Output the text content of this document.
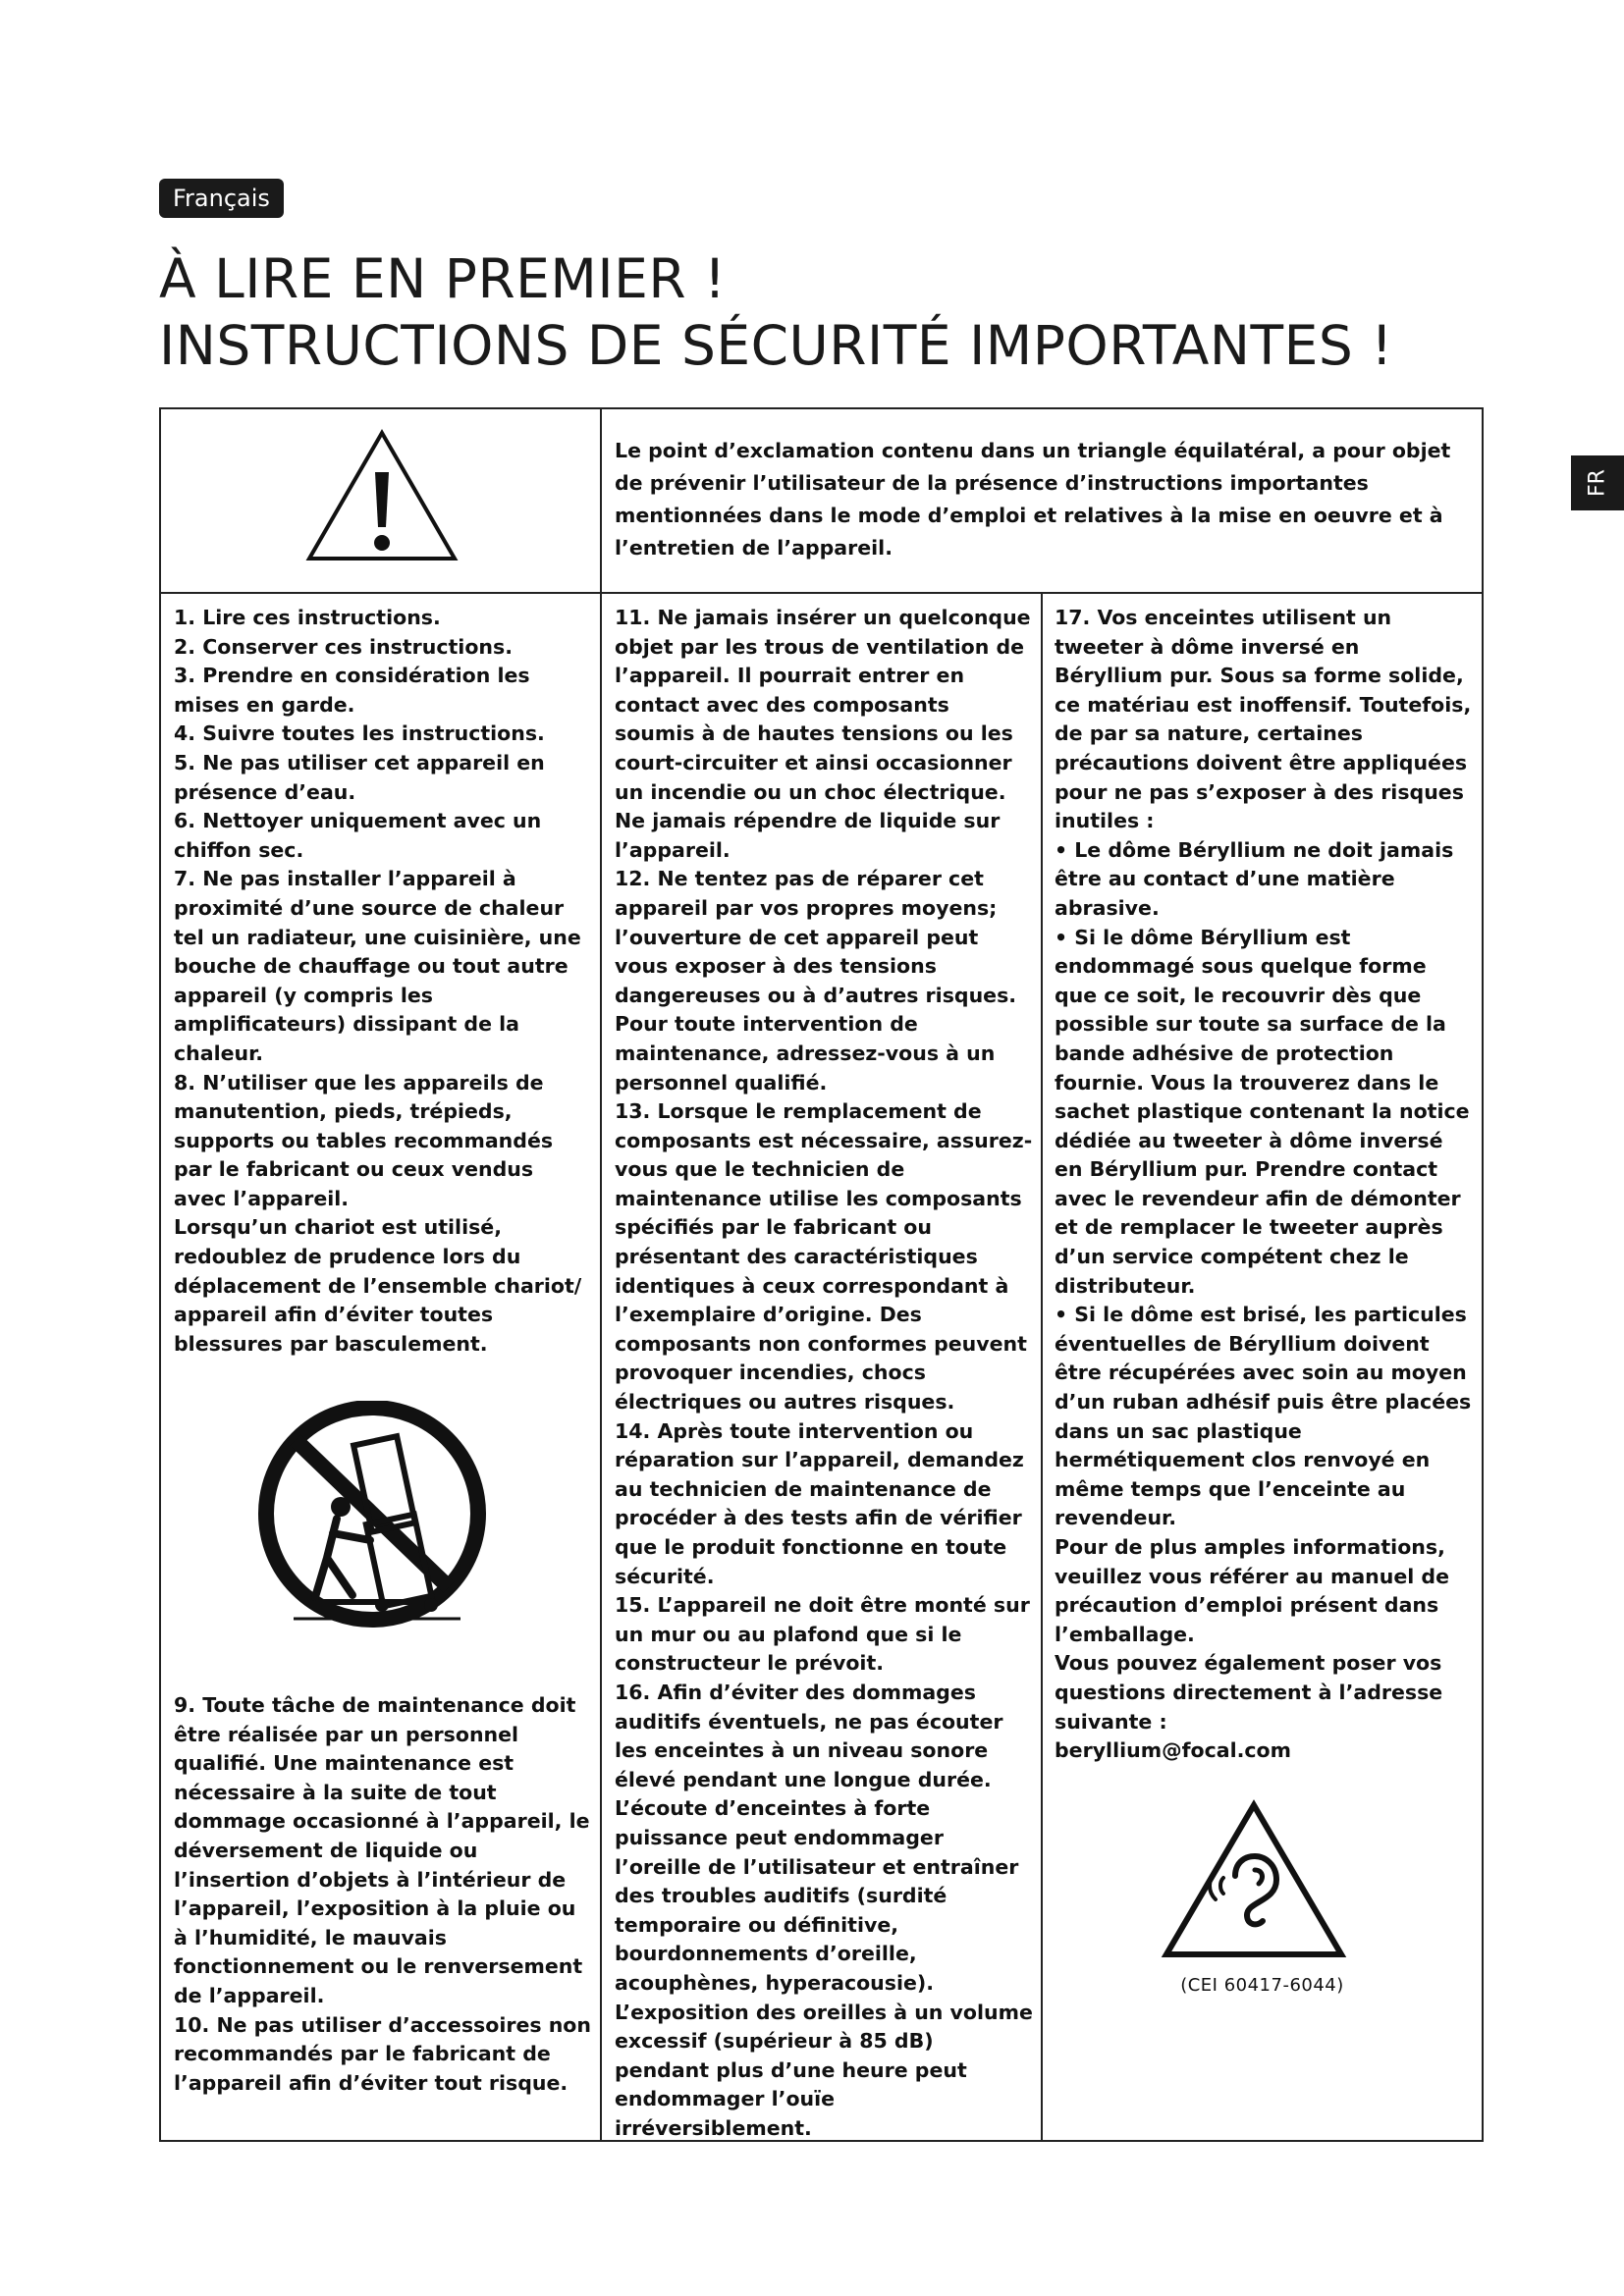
Français
À LIRE EN PREMIER !
INSTRUCTIONS DE SÉCURITÉ IMPORTANTES !
FR
Le point d’exclamation contenu dans un triangle équilatéral, a pour objet de prévenir l’utilisateur de la présence d’instructions importantes mentionnées dans le mode d’emploi et relatives à la mise en oeuvre et à l’entretien de l’appareil.

1. Lire ces instructions.

2. Conserver ces instructions.

3. Prendre en considération les mises en garde.

4. Suivre toutes les instructions.

5. Ne pas utiliser cet appareil en présence d’eau.

6. Nettoyer uniquement avec un chiffon sec.

7. Ne pas installer l’appareil à proximité d’une source de chaleur tel un radiateur, une cuisinière, une bouche de chauffage ou tout autre appareil (y compris les amplificateurs) dissipant de la chaleur.

8. N’utiliser que les appareils de manutention, pieds, trépieds, supports ou tables recommandés par le fabricant ou ceux vendus avec l’appareil.

Lorsqu’un chariot est utilisé, redoublez de prudence lors du déplacement de l’ensemble chariot/ appareil afin d’éviter toutes blessures par basculement.

9. Toute tâche de maintenance doit être réalisée par un personnel qualifié. Une maintenance est nécessaire à la suite de tout dommage occasionné à l’appareil, le déversement de liquide ou l’insertion d’objets à l’intérieur de l’appareil, l’exposition à la pluie ou à l’humidité, le mauvais fonctionnement ou le renversement de l’appareil.

10. Ne pas utiliser d’accessoires non recommandés par le fabricant de l’appareil afin d’éviter tout risque.

11. Ne jamais insérer un quelconque objet par les trous de ventilation de l’appareil. Il pourrait entrer en contact avec des composants soumis à de hautes tensions ou les court-circuiter et ainsi occasionner un incendie ou un choc électrique.

Ne jamais répendre de liquide sur l’appareil.

12. Ne tentez pas de réparer cet appareil par vos propres moyens; l’ouverture de cet appareil peut vous exposer à des tensions dangereuses ou à d’autres risques. Pour toute intervention de maintenance, adressez-vous à un personnel qualifié.

13. Lorsque le remplacement de composants est nécessaire, assurez-vous que le technicien de maintenance utilise les composants spécifiés par le fabricant ou présentant des caractéristiques identiques à ceux correspondant à l’exemplaire d’origine. Des composants non conformes peuvent provoquer incendies, chocs électriques ou autres risques.

14. Après toute intervention ou réparation sur l’appareil, demandez au technicien de maintenance de procéder à des tests afin de vérifier que le produit fonctionne en toute sécurité.

15. L’appareil ne doit être monté sur un mur ou au plafond que si le constructeur le prévoit.

16. Afin d’éviter des dommages auditifs éventuels, ne pas écouter les enceintes à un niveau sonore élevé pendant une longue durée.

L’écoute d’enceintes à forte puissance peut endommager l’oreille de l’utilisateur et entraîner des troubles auditifs (surdité temporaire ou définitive, bourdonnements d’oreille, acouphènes, hyperacousie).

L’exposition des oreilles à un volume excessif (supérieur à 85 dB) pendant plus d’une heure peut endommager l’ouïe irréversiblement.

17. Vos enceintes utilisent un tweeter à dôme inversé en Béryllium pur. Sous sa forme solide, ce matériau est inoffensif. Toutefois, de par sa nature, certaines précautions doivent être appliquées pour ne pas s’exposer à des risques inutiles :

• Le dôme Béryllium ne doit jamais être au contact d’une matière abrasive.

• Si le dôme Béryllium est endommagé sous quelque forme que ce soit, le recouvrir dès que possible sur toute sa surface de la bande adhésive de protection fournie. Vous la trouverez dans le sachet plastique contenant la notice dédiée au tweeter à dôme inversé en Béryllium pur. Prendre contact avec le revendeur afin de démonter et de remplacer le tweeter auprès d’un service compétent chez le distributeur.

• Si le dôme est brisé, les particules éventuelles de Béryllium doivent être récupérées avec soin au moyen d’un ruban adhésif puis être placées dans un sac plastique hermétiquement clos renvoyé en même temps que l’enceinte au revendeur.

Pour de plus amples informations, veuillez vous référer au manuel de précaution d’emploi présent dans l’emballage.

Vous pouvez également poser vos questions directement à l’adresse suivante :

beryllium@focal.com

(CEI 60417-6044)
